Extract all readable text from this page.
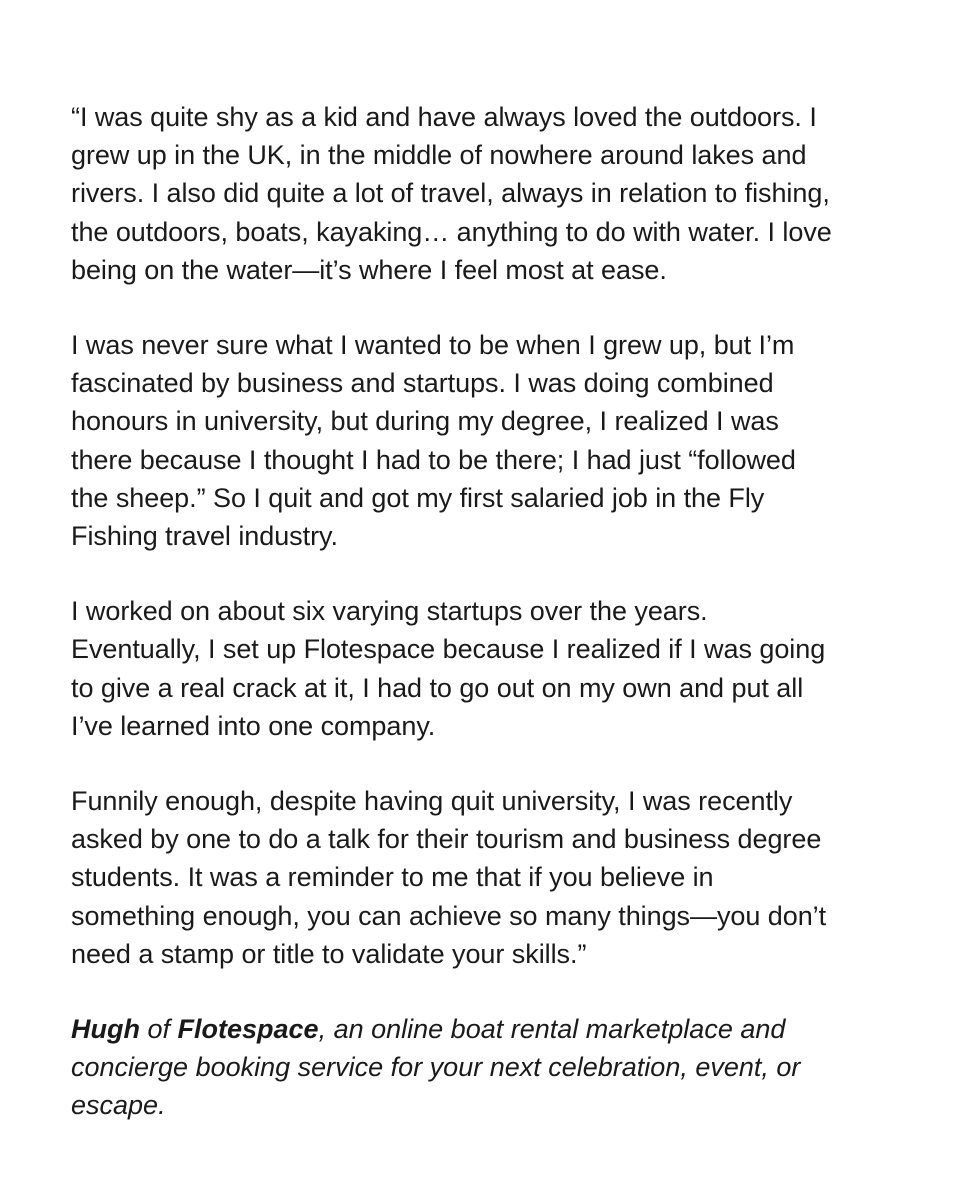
“I was quite shy as a kid and have always loved the outdoors. I
grew up in the UK, in the middle of nowhere around lakes and
rivers. I also did quite a lot of travel, always in relation to fishing,
the outdoors, boats, kayaking… anything to do with water. I love
being on the water—it’s where I feel most at ease.

I was never sure what I wanted to be when I grew up, but I’m
fascinated by business and startups. I was doing combined
honours in university, but during my degree, I realized I was
there because I thought I had to be there; I had just “followed
the sheep.” So I quit and got my first salaried job in the Fly
Fishing travel industry.

I worked on about six varying startups over the years.
Eventually, I set up Flotespace because I realized if I was going
to give a real crack at it, I had to go out on my own and put all
I’ve learned into one company.

Funnily enough, despite having quit university, I was recently
asked by one to do a talk for their tourism and business degree
students. It was a reminder to me that if you believe in
something enough, you can achieve so many things—you don’t
need a stamp or title to validate your skills.”

Hugh of Flotespace, an online boat rental marketplace and
concierge booking service for your next celebration, event, or
escape.
